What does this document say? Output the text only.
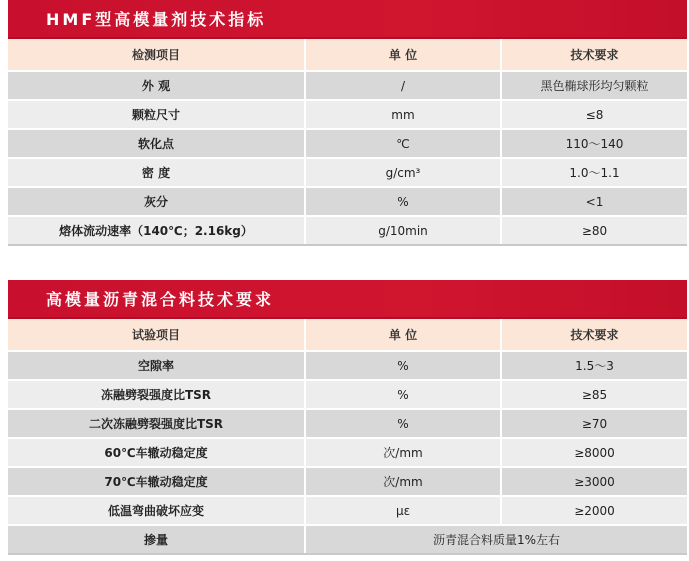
HMF型高模量剂技术指标
检测项目	单 位	技术要求
外 观	/	黑色椭球形均匀颗粒
颗粒尺寸	mm	≤8
软化点	℃	110～140
密 度	g/cm³	1.0～1.1
灰分	%	<1
熔体流动速率（140℃；2.16kg）	g/10min	≥80
高模量沥青混合料技术要求
试验项目	单 位	技术要求
空隙率	%	1.5～3
冻融劈裂强度比TSR	%	≥85
二次冻融劈裂强度比TSR	%	≥70
60℃车辙动稳定度	次/mm	≥8000
70℃车辙动稳定度	次/mm	≥3000
低温弯曲破坏应变	με	≥2000
掺量	沥青混合料质量1%左右	
